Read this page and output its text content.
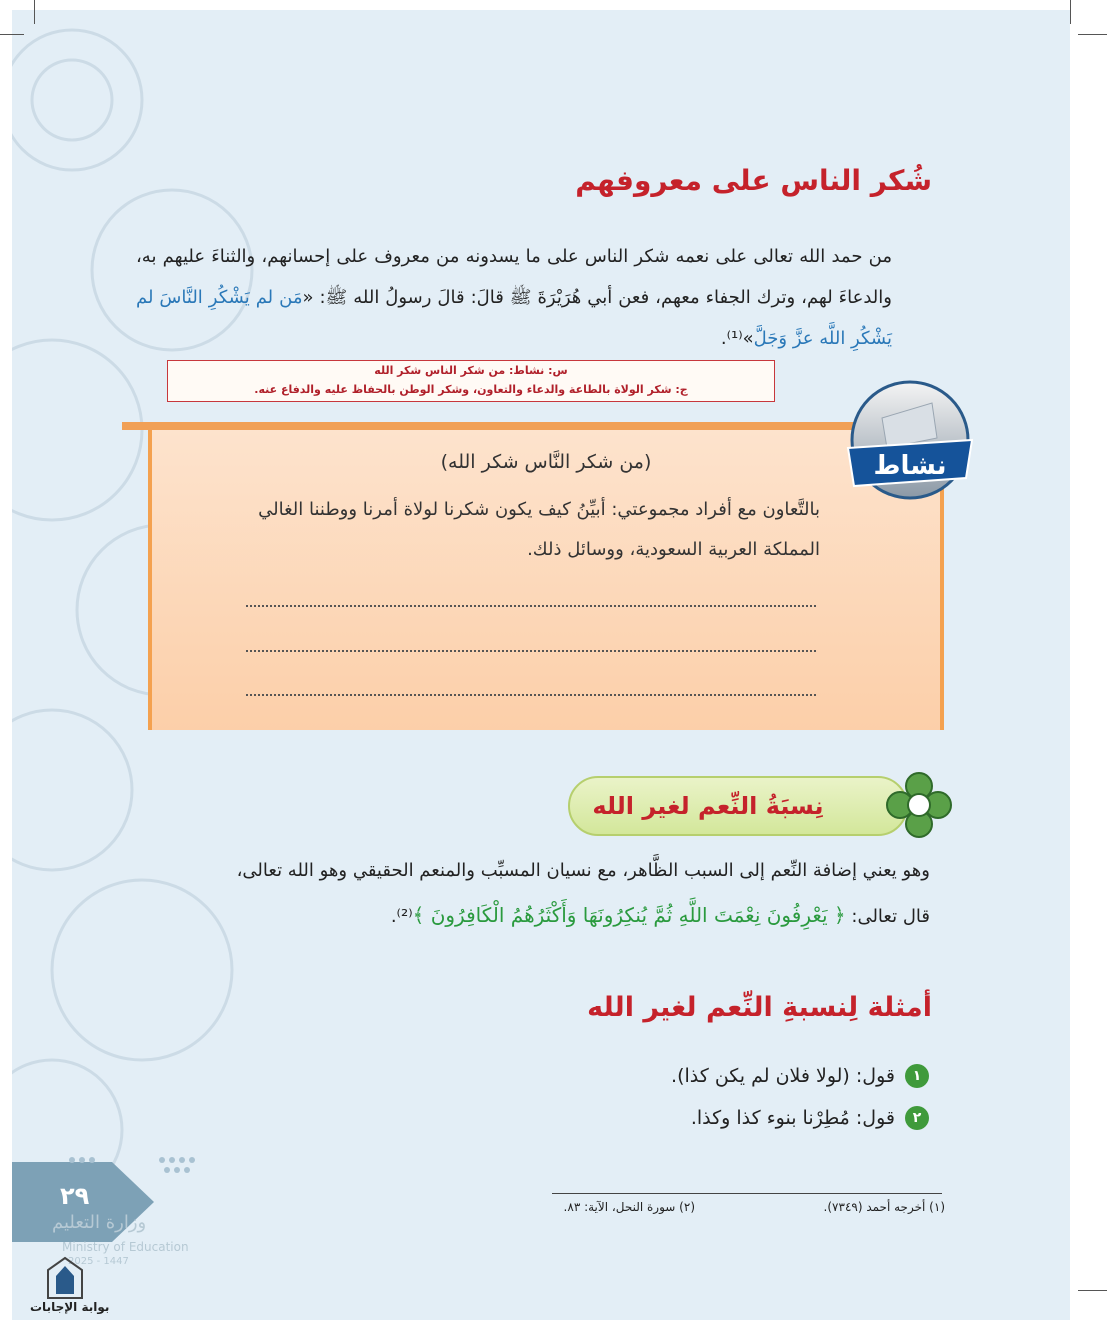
شُكر الناس على معروفهم
من حمد الله تعالى على نعمه شكر الناس على ما يسدونه من معروف على إحسانهم، والثناءَ عليهم به، والدعاءَ لهم، وترك الجفاء معهم، فعن أبي هُرَيْرَةَ ﷺ قالَ: قالَ رسولُ الله ﷺ: «مَن لم يَشْكُرِ النَّاسَ لم يَشْكُرِ اللَّه عزَّ وَجَلَّ»⁽¹⁾.
س: نشاط: من شكر الناس شكر الله
ج: شكر الولاة بالطاعة والدعاء والتعاون، وشكر الوطن بالحفاظ عليه والدفاع عنه.
(من شكر النَّاس شكر الله)
بالتَّعاون مع أفراد مجموعتي: أبيِّنُ كيف يكون شكرنا لولاة أمرنا ووطننا الغالي
المملكة العربية السعودية، ووسائل ذلك.
نشاط
نِسبَةُ النِّعم لغير الله
وهو يعني إضافة النِّعم إلى السبب الظَّاهر، مع نسيان المسبِّب والمنعم الحقيقي وهو الله تعالى،
قال تعالى: ﴿ يَعْرِفُونَ نِعْمَتَ اللَّهِ ثُمَّ يُنكِرُونَهَا وَأَكْثَرُهُمُ الْكَافِرُونَ ﴾⁽²⁾.
أمثلة لِنسبةِ النِّعم لغير الله
١
قول: (لولا فلان لم يكن كذا).
٢
قول: مُطِرْنا بنوء كذا وكذا.
(١) أخرجه أحمد (٧٣٤٩).
(٢) سورة النحل، الآية: ٨٣.
٢٩
وزارة التعليم
Ministry of Education
2025 - 1447
بوابة الإجابات
